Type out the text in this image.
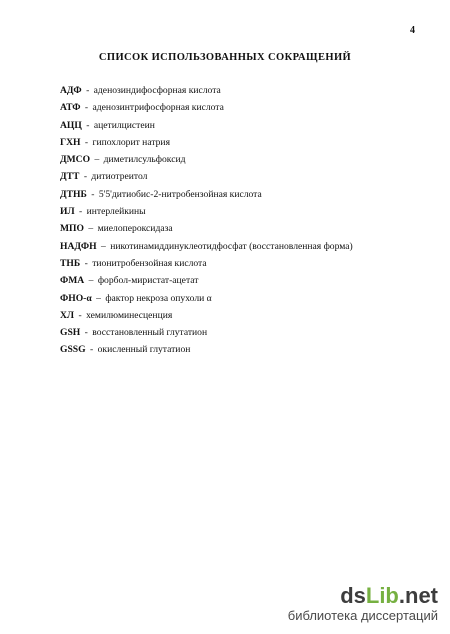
4
СПИСОК ИСПОЛЬЗОВАННЫХ СОКРАЩЕНИЙ
АДФ - аденозиндифосфорная кислота
АТФ - аденозинтрифосфорная кислота
АЦЦ - ацетилцистеин
ГХН - гипохлорит натрия
ДМСО – диметилсульфоксид
ДТТ - дитиотреитол
ДТНБ - 5'5'дитиобис-2-нитробензойная кислота
ИЛ - интерлейкины
МПО – миелопероксидаза
НАДФН – никотинамиддинуклеотидфосфат (восстановленная форма)
ТНБ - тионитробензойная кислота
ФМА – форбол-миристат-ацетат
ФНО-α – фактор некроза опухоли α
ХЛ - хемилюминесценция
GSH - восстановленный глутатион
GSSG - окисленный глутатион
dsLib.net
библиотека диссертаций
